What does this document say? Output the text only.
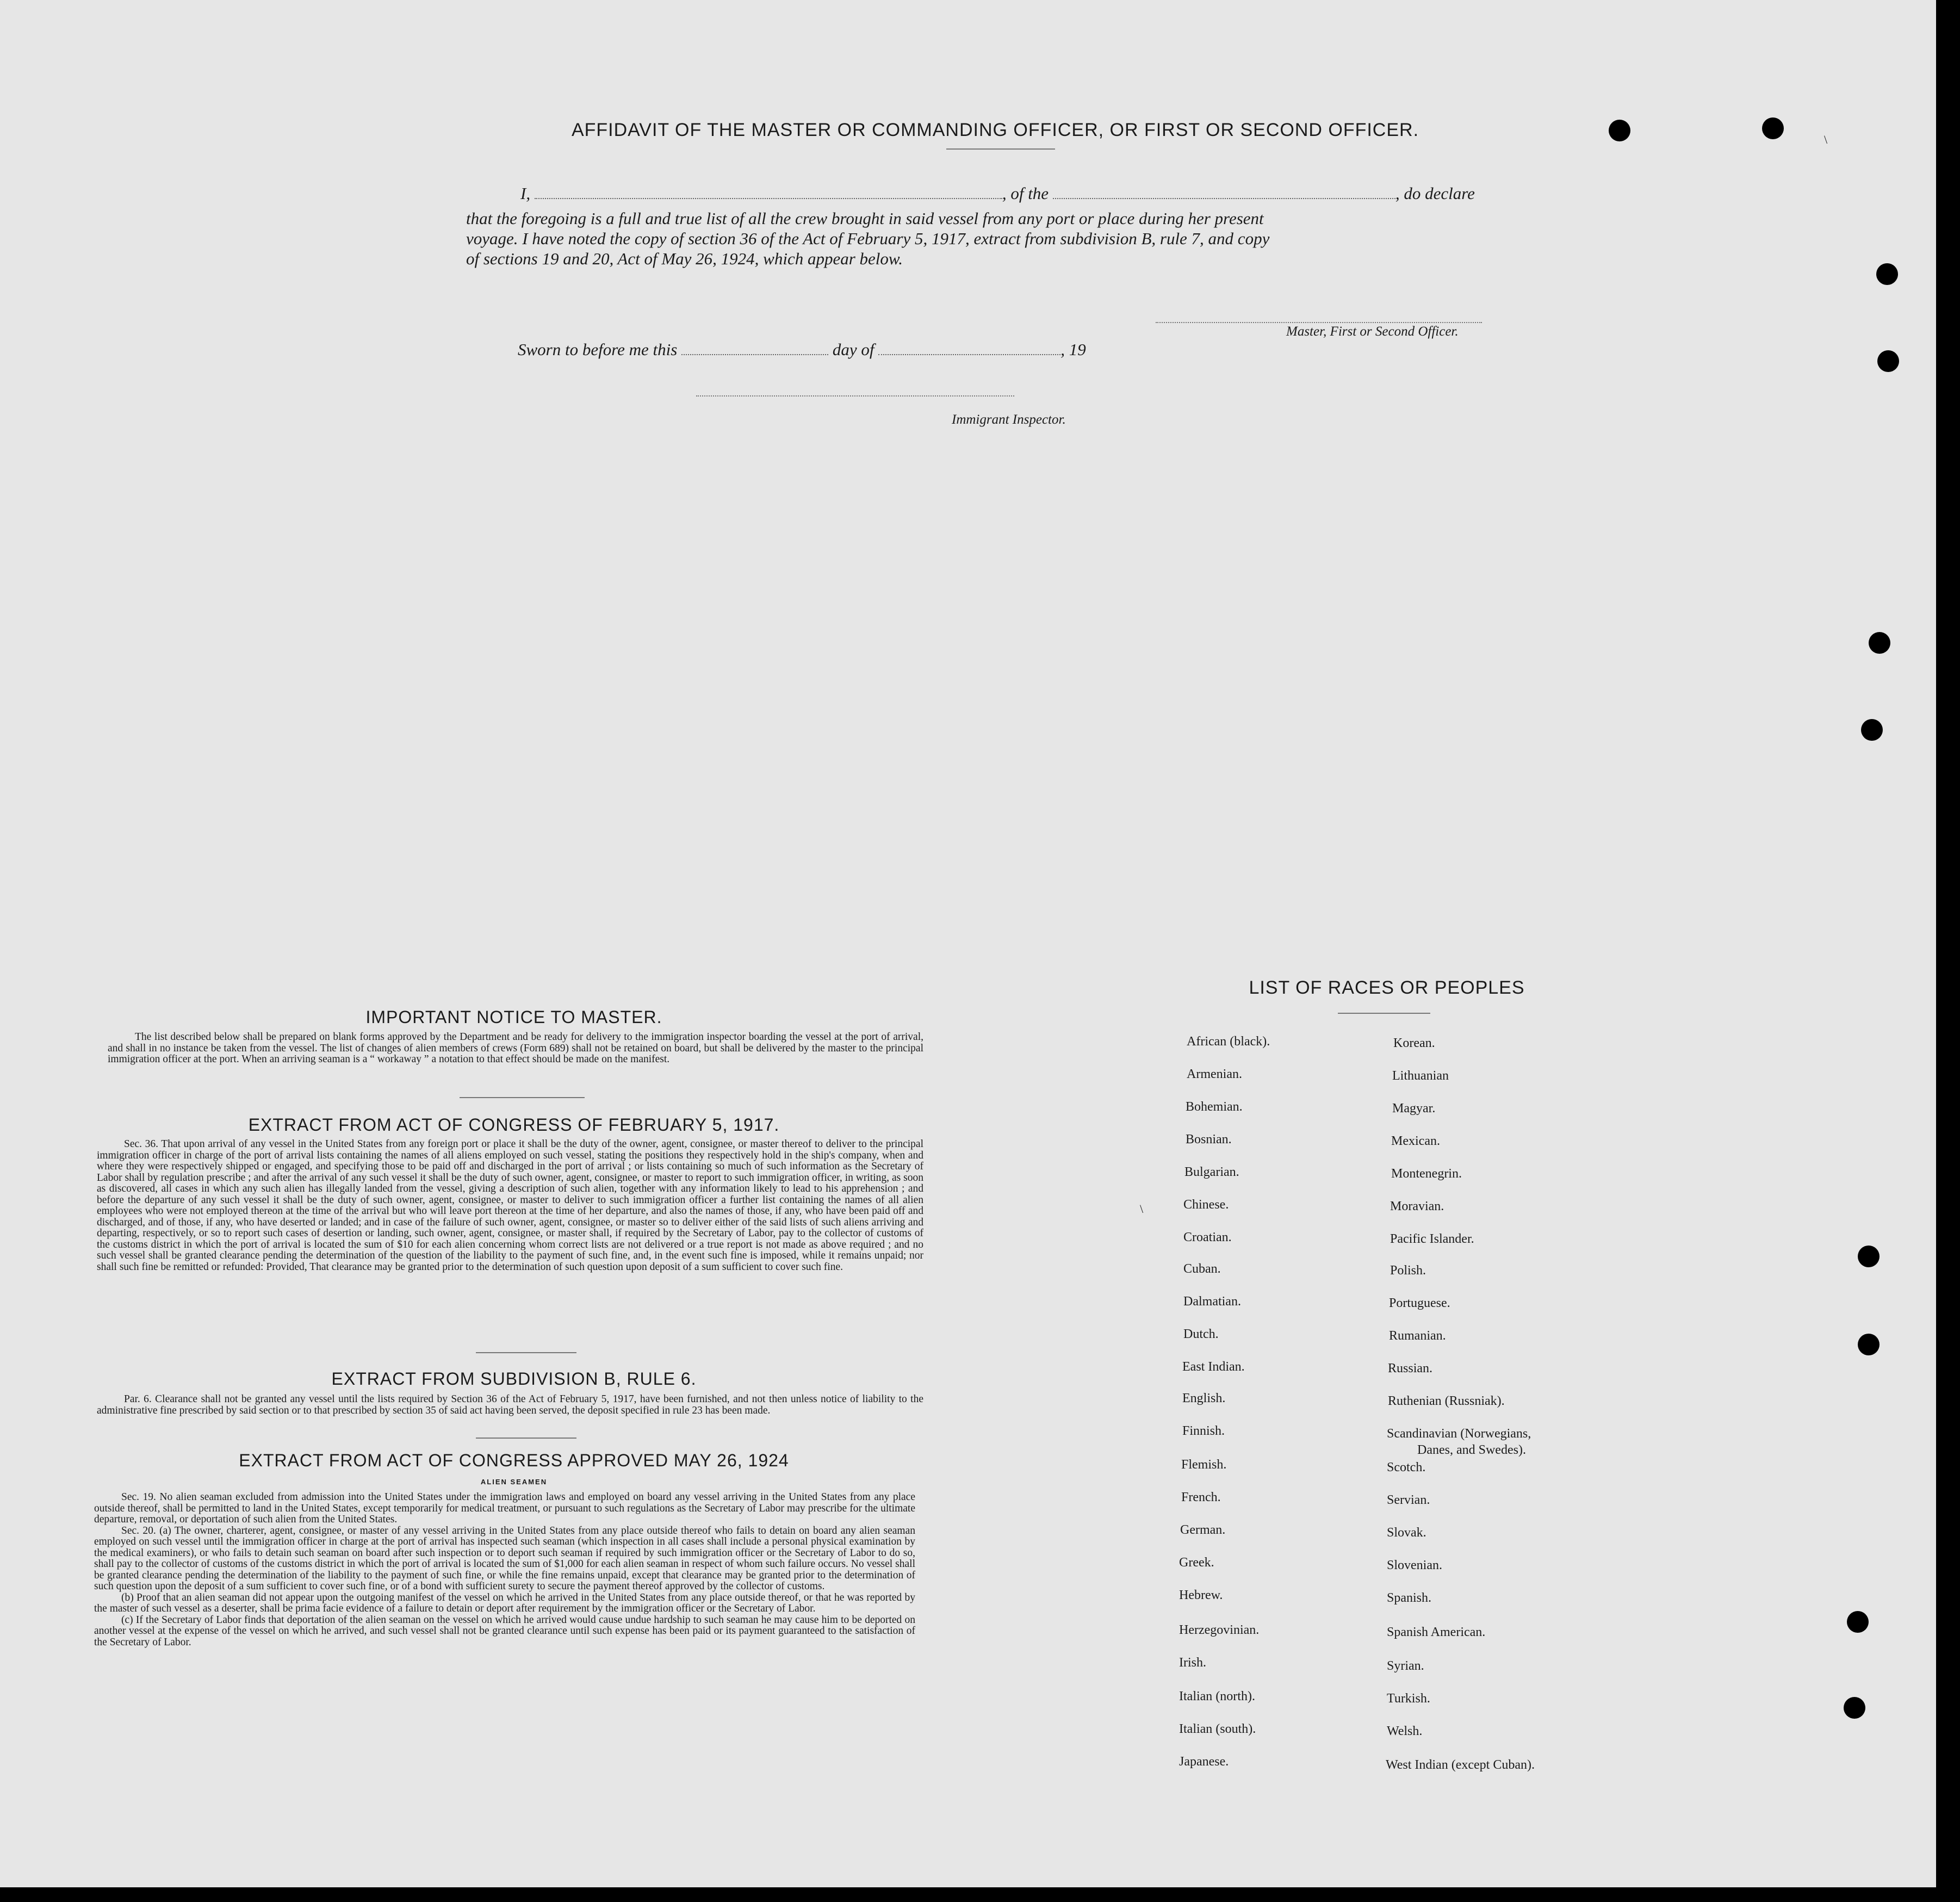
AFFIDAVIT OF THE MASTER OR COMMANDING OFFICER, OR FIRST OR SECOND OFFICER.
I,	, of the	, do declare
that the foregoing is a full and true list of all the crew brought in said vessel from any port or place during her present
voyage. I have noted the copy of section 36 of the Act of February 5, 1917, extract from subdivision B, rule 7, and copy
of sections 19 and 20, Act of May 26, 1924, which appear below.
Master, First or Second Officer.
Sworn to before me this	day of	, 19
Immigrant Inspector.
IMPORTANT NOTICE TO MASTER.

The list described below shall be prepared on blank forms approved by the Department and be ready for delivery to the immigration inspector boarding the vessel at the port of arrival, and shall in no instance be taken from the vessel. The list of changes of alien members of crews (Form 689) shall not be retained on board, but shall be delivered by the master to the principal immigration officer at the port. When an arriving seaman is a “ workaway ” a notation to that effect should be made on the manifest.

EXTRACT FROM ACT OF CONGRESS OF FEBRUARY 5, 1917.

Sec. 36. That upon arrival of any vessel in the United States from any foreign port or place it shall be the duty of the owner, agent, consignee, or master thereof to deliver to the principal immigration officer in charge of the port of arrival lists containing the names of all aliens employed on such vessel, stating the positions they respectively hold in the ship's company, when and where they were respectively shipped or engaged, and specifying those to be paid off and discharged in the port of arrival ; or lists containing so much of such information as the Secretary of Labor shall by regulation prescribe ; and after the arrival of any such vessel it shall be the duty of such owner, agent, consignee, or master to report to such immigration officer, in writing, as soon as discovered, all cases in which any such alien has illegally landed from the vessel, giving a description of such alien, together with any information likely to lead to his apprehension ; and before the departure of any such vessel it shall be the duty of such owner, agent, consignee, or master to deliver to such immigration officer a further list containing the names of all alien employees who were not employed thereon at the time of the arrival but who will leave port thereon at the time of her departure, and also the names of those, if any, who have been paid off and discharged, and of those, if any, who have deserted or landed; and in case of the failure of such owner, agent, consignee, or master so to deliver either of the said lists of such aliens arriving and departing, respectively, or so to report such cases of desertion or landing, such owner, agent, consignee, or master shall, if required by the Secretary of Labor, pay to the collector of customs of the customs district in which the port of arrival is located the sum of $10 for each alien concerning whom correct lists are not delivered or a true report is not made as above required ; and no such vessel shall be granted clearance pending the determination of the question of the liability to the payment of such fine, and, in the event such fine is imposed, while it remains unpaid; nor shall such fine be remitted or refunded: Provided, That clearance may be granted prior to the determination of such question upon deposit of a sum sufficient to cover such fine.

EXTRACT FROM SUBDIVISION B, RULE 6.

Par. 6. Clearance shall not be granted any vessel until the lists required by Section 36 of the Act of February 5, 1917, have been furnished, and not then unless notice of liability to the administrative fine prescribed by said section or to that prescribed by section 35 of said act having been served, the deposit specified in rule 23 has been made.

EXTRACT FROM ACT OF CONGRESS APPROVED MAY 26, 1924
ALIEN SEAMEN

Sec. 19. No alien seaman excluded from admission into the United States under the immigration laws and employed on board any vessel arriving in the United States from any place outside thereof, shall be permitted to land in the United States, except temporarily for medical treatment, or pursuant to such regulations as the Secretary of Labor may prescribe for the ultimate departure, removal, or deportation of such alien from the United States.

Sec. 20. (a) The owner, charterer, agent, consignee, or master of any vessel arriving in the United States from any place outside thereof who fails to detain on board any alien seaman employed on such vessel until the immigration officer in charge at the port of arrival has inspected such seaman (which inspection in all cases shall include a personal physical examination by the medical examiners), or who fails to detain such seaman on board after such inspection or to deport such seaman if required by such immigration officer or the Secretary of Labor to do so, shall pay to the collector of customs of the customs district in which the port of arrival is located the sum of $1,000 for each alien seaman in respect of whom such failure occurs. No vessel shall be granted clearance pending the determination of the liability to the payment of such fine, or while the fine remains unpaid, except that clearance may be granted prior to the determination of such question upon the deposit of a sum sufficient to cover such fine, or of a bond with sufficient surety to secure the payment thereof approved by the collector of customs.

(b) Proof that an alien seaman did not appear upon the outgoing manifest of the vessel on which he arrived in the United States from any place outside thereof, or that he was reported by the master of such vessel as a deserter, shall be prima facie evidence of a failure to detain or deport after requirement by the immigration officer or the Secretary of Labor.

(c) If the Secretary of Labor finds that deportation of the alien seaman on the vessel on which he arrived would cause undue hardship to such seaman he may cause him to be deported on another vessel at the expense of the vessel on which he arrived, and such vessel shall not be granted clearance until such expense has been paid or its payment guaranteed to the satisfaction of the Secretary of Labor.

LIST OF RACES OR PEOPLES
African (black).
Armenian.
Bohemian.
Bosnian.
Bulgarian.
Chinese.
Croatian.
Cuban.
Dalmatian.
Dutch.
East Indian.
English.
Finnish.
Flemish.
French.
German.
Greek.
Hebrew.
Herzegovinian.
Irish.
Italian (north).
Italian (south).
Japanese.
Korean.
Lithuanian
Magyar.
Mexican.
Montenegrin.
Moravian.
Pacific Islander.
Polish.
Portuguese.
Rumanian.
Russian.
Ruthenian (Russniak).
Scandinavian (Norwegians,
Danes, and Swedes).
Scotch.
Servian.
Slovak.
Slovenian.
Spanish.
Spanish American.
Syrian.
Turkish.
Welsh.
West Indian (except Cuban).
\
\
